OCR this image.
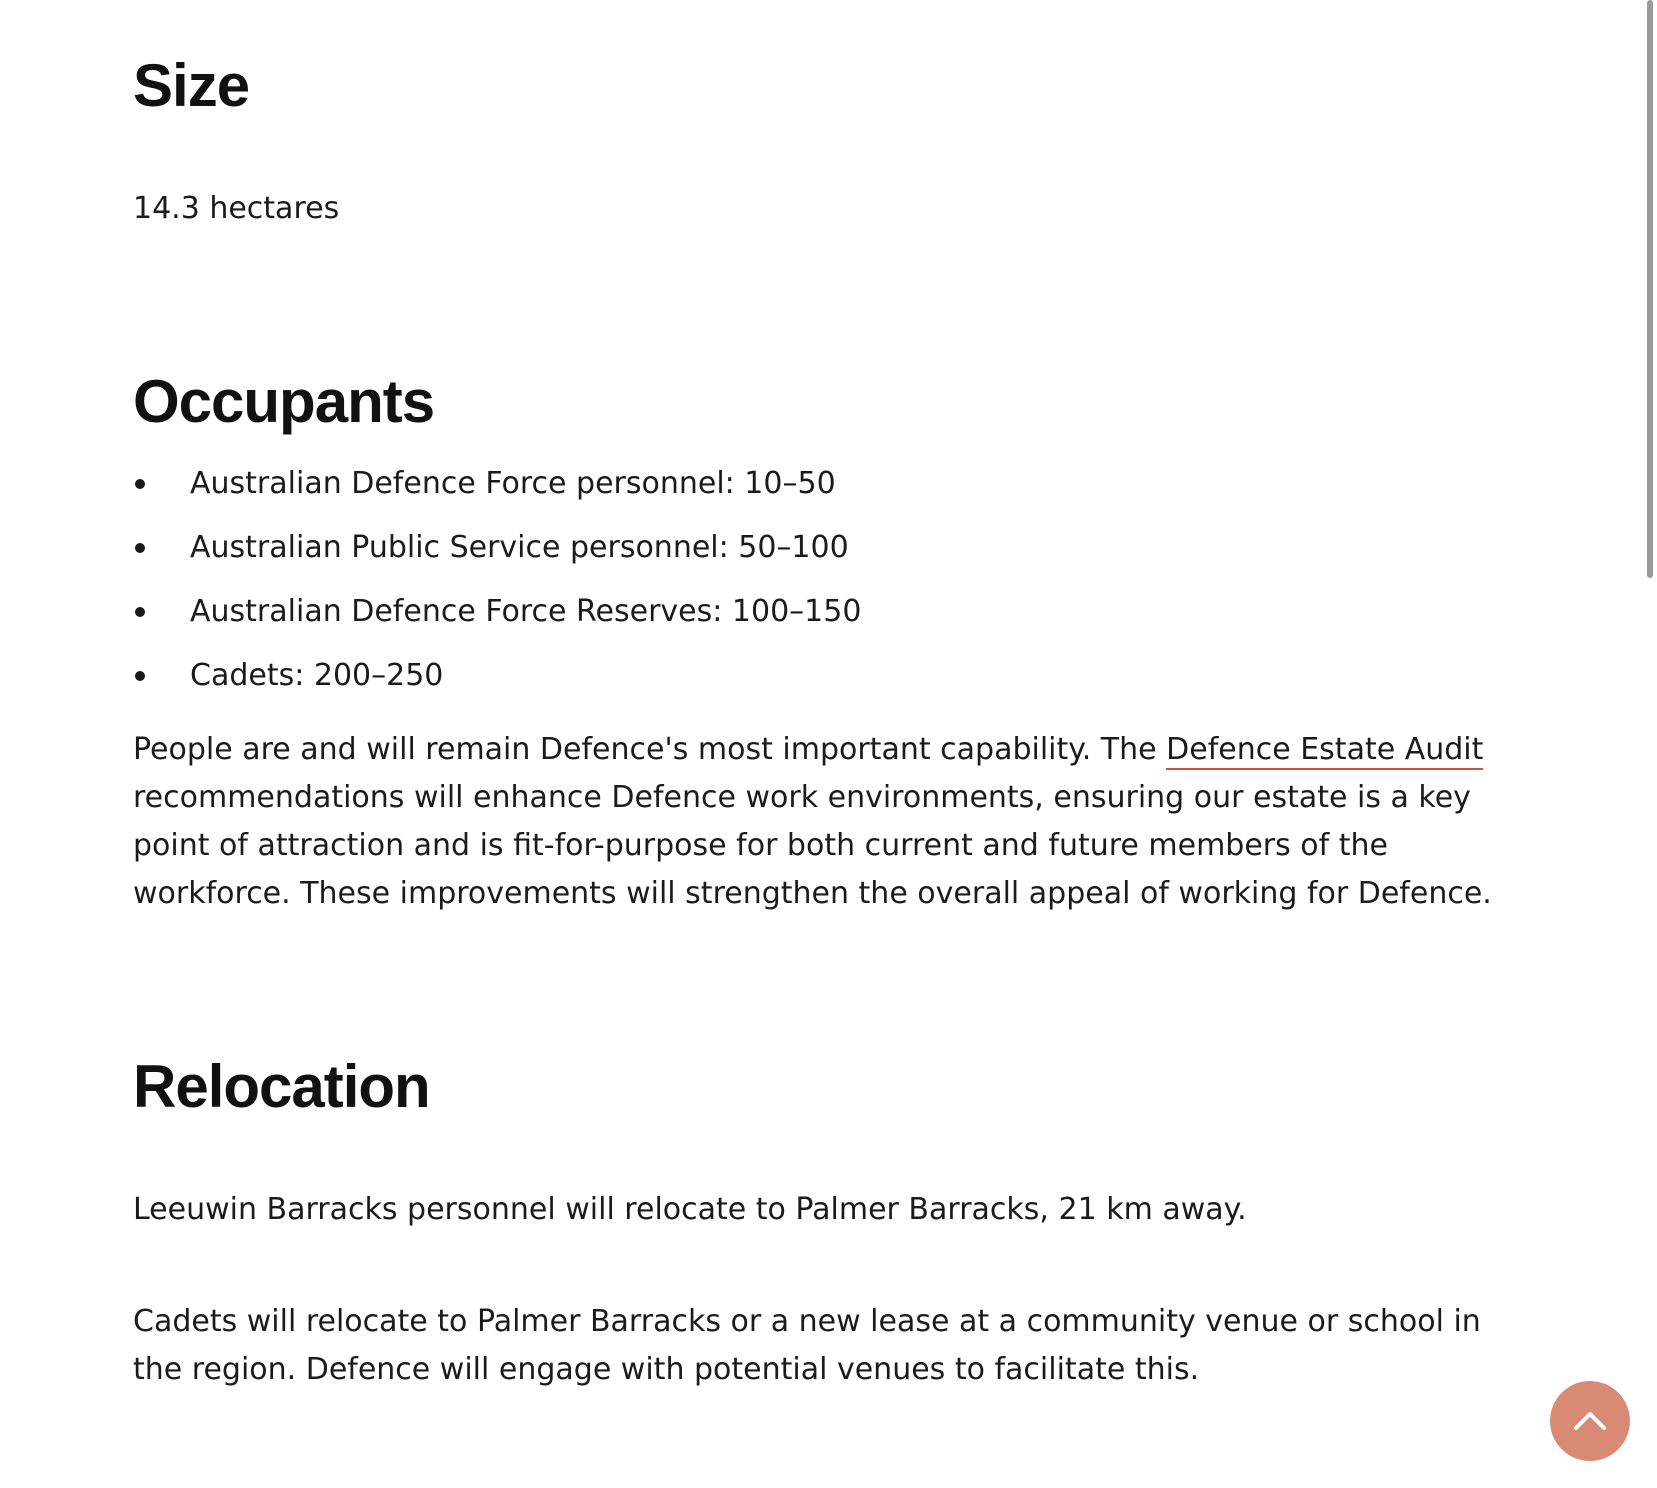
Size

14.3 hectares

Occupants
Australian Defence Force personnel: 10–50
Australian Public Service personnel: 50–100
Australian Defence Force Reserves: 100–150
Cadets: 200–250

People are and will remain Defence's most important capability. The Defence Estate Audit recommendations will enhance Defence work environments, ensuring our estate is a key point of attraction and is fit-for-purpose for both current and future members of the workforce. These improvements will strengthen the overall appeal of working for Defence.

Relocation

Leeuwin Barracks personnel will relocate to Palmer Barracks, 21 km away.

Cadets will relocate to Palmer Barracks or a new lease at a community venue or school in the region. Defence will engage with potential venues to facilitate this.
